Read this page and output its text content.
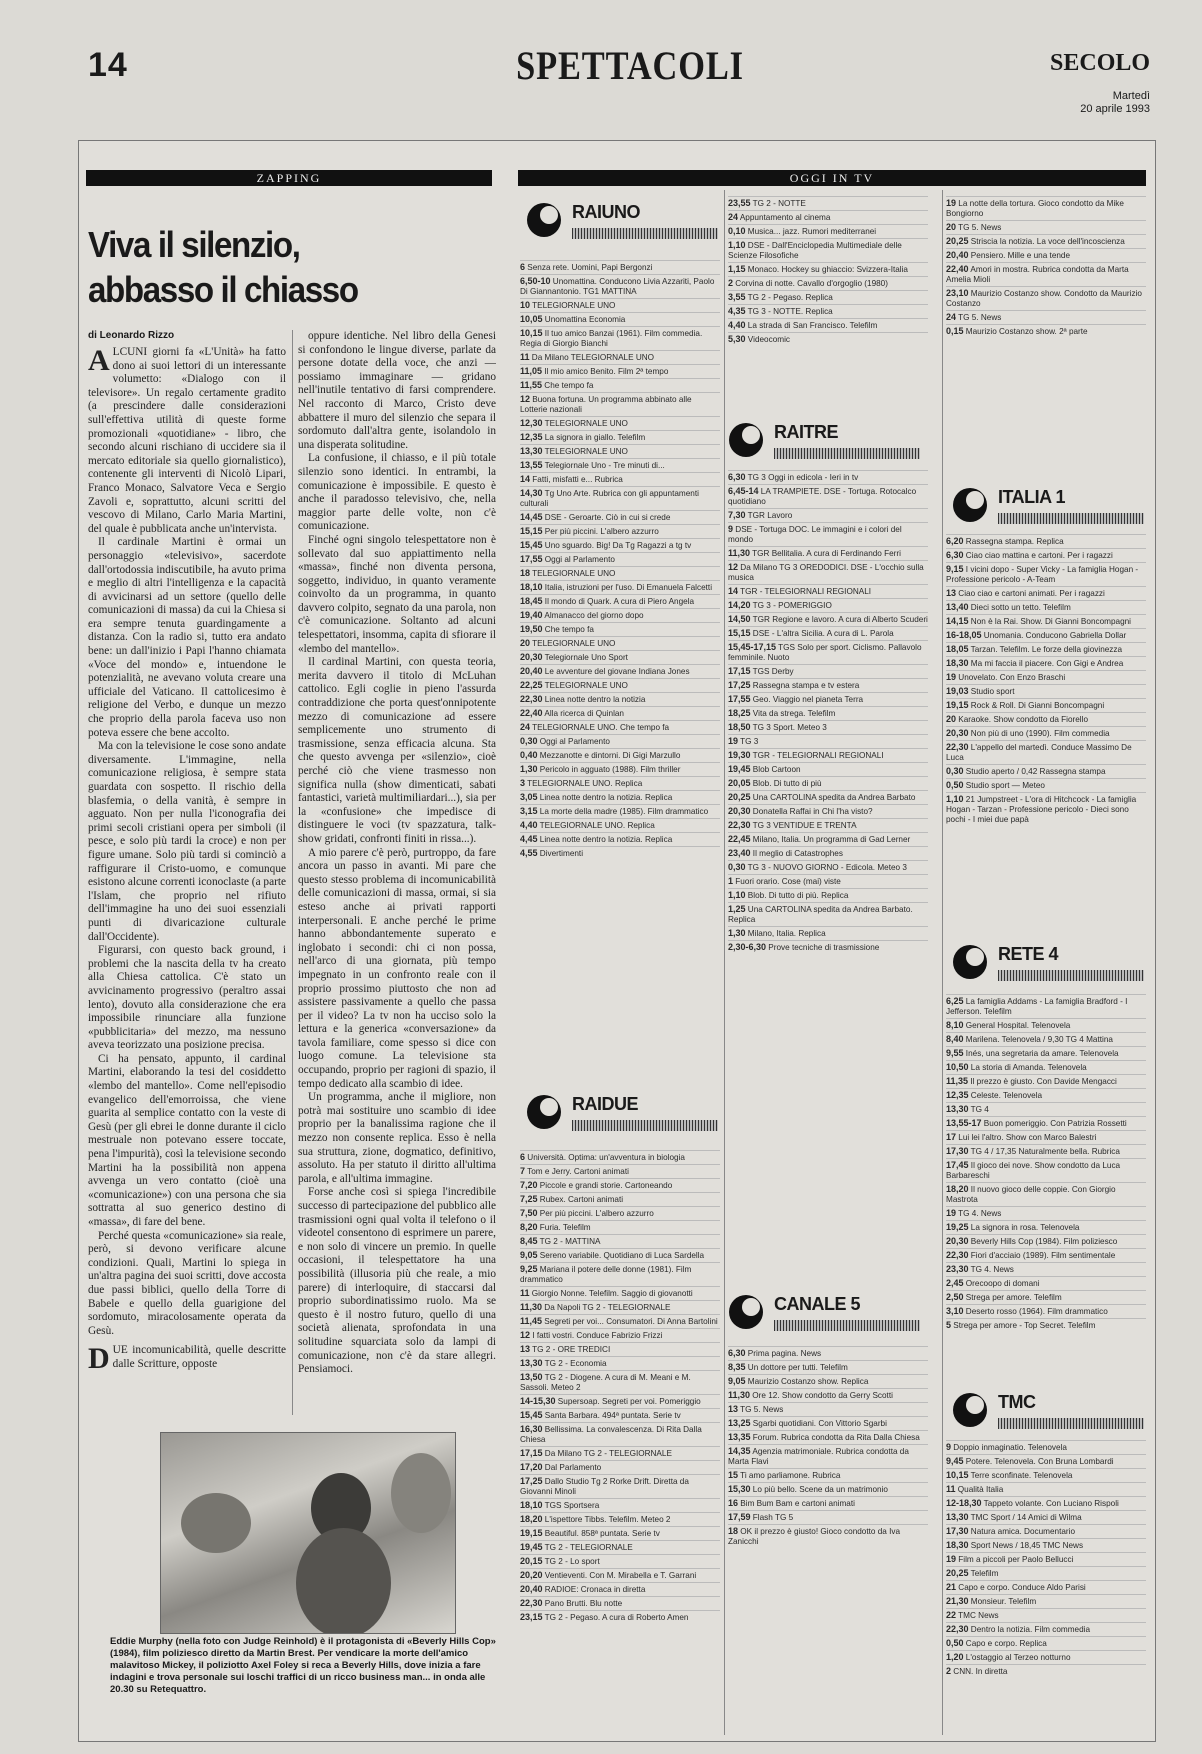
14	SPETTACOLI	SECOLO
Martedì
20 aprile 1993
ZAPPING
Viva il silenzio,
abbasso il chiasso
di Leonardo Rizzo
A LCUNI giorni fa «L'Unità» ha fatto dono ai suoi lettori di un interessante volumetto: «Dialogo con il televisore». Un regalo certamente gradito (a prescindere dalle considerazioni sull'effettiva utilità di queste forme promozionali «quotidiane» - libro, che secondo alcuni rischiano di uccidere sia il mercato editoriale sia quello giornalistico), contenente gli interventi di Nicolò Lipari, Franco Monaco, Salvatore Veca e Sergio Zavoli e, soprattutto, alcuni scritti del vescovo di Milano, Carlo Maria Martini, del quale è pubblicata anche un'intervista.

Il cardinale Martini è ormai un personaggio «televisivo», sacerdote dall'ortodossia indiscutibile, ha avuto prima e meglio di altri l'intelligenza e la capacità di avvicinarsi ad un settore (quello delle comunicazioni di massa) da cui la Chiesa si era sempre tenuta guardingamente a distanza. Con la radio si, tutto era andato bene: un dall'inizio i Papi l'hanno chiamata «Voce del mondo» e, intuendone le potenzialità, ne avevano voluta creare una ufficiale del Vaticano. Il cattolicesimo è religione del Verbo, e dunque un mezzo che proprio della parola faceva uso non poteva essere che bene accolto.

Ma con la televisione le cose sono andate diversamente. L'immagine, nella comunicazione religiosa, è sempre stata guardata con sospetto. Il rischio della blasfemia, o della vanità, è sempre in agguato. Non per nulla l'iconografia dei primi secoli cristiani opera per simboli (il pesce, e solo più tardi la croce) e non per figure umane. Solo più tardi si cominciò a raffigurare il Cristo-uomo, e comunque esistono alcune correnti iconoclaste (a parte l'Islam, che proprio nel rifiuto dell'immagine ha uno dei suoi essenziali punti di divaricazione culturale dall'Occidente).

Figurarsi, con questo back ground, i problemi che la nascita della tv ha creato alla Chiesa cattolica. C'è stato un avvicinamento progressivo (peraltro assai lento), dovuto alla considerazione che era impossibile rinunciare alla funzione «pubblicitaria» del mezzo, ma nessuno aveva teorizzato una posizione precisa.

Ci ha pensato, appunto, il cardinal Martini, elaborando la tesi del cosiddetto «lembo del mantello». Come nell'episodio evangelico dell'emorroissa, che viene guarita al semplice contatto con la veste di Gesù (per gli ebrei le donne durante il ciclo mestruale non potevano essere toccate, pena l'impurità), così la televisione secondo Martini ha la possibilità non appena avvenga un vero contatto (cioè una «comunicazione») con una persona che sia sottratta al suo generico destino di «massa», di fare del bene.

Perché questa «comunicazione» sia reale, però, si devono verificare alcune condizioni. Quali, Martini lo spiega in un'altra pagina dei suoi scritti, dove accosta due passi biblici, quello della Torre di Babele e quello della guarigione del sordomuto, miracolosamente operata da Gesù.

DUE incomunicabilità, quelle descritte dalle Scritture, opposte

oppure identiche. Nel libro della Genesi si confondono le lingue diverse, parlate da persone dotate della voce, che anzi — possiamo immaginare — gridano nell'inutile tentativo di farsi comprendere. Nel racconto di Marco, Cristo deve abbattere il muro del silenzio che separa il sordomuto dall'altra gente, isolandolo in una disperata solitudine.

La confusione, il chiasso, e il più totale silenzio sono identici. In entrambi, la comunicazione è impossibile. E questo è anche il paradosso televisivo, che, nella maggior parte delle volte, non c'è comunicazione.

Finché ogni singolo telespettatore non è sollevato dal suo appiattimento nella «massa», finché non diventa persona, soggetto, individuo, in quanto veramente coinvolto da un programma, in quanto davvero colpito, segnato da una parola, non c'è comunicazione. Soltanto ad alcuni telespettatori, insomma, capita di sfiorare il «lembo del mantello».

Il cardinal Martini, con questa teoria, merita davvero il titolo di McLuhan cattolico. Egli coglie in pieno l'assurda contraddizione che porta quest'onnipotente mezzo di comunicazione ad essere semplicemente uno strumento di trasmissione, senza efficacia alcuna. Sta che questo avvenga per «silenzio», cioè perché ciò che viene trasmesso non significa nulla (show dimenticati, sabati fantastici, varietà multimiliardari...), sia per la «confusione» che impedisce di distinguere le voci (tv spazzatura, talk-show gridati, confronti finiti in rissa...).

A mio parere c'è però, purtroppo, da fare ancora un passo in avanti. Mi pare che questo stesso problema di incomunicabilità delle comunicazioni di massa, ormai, si sia esteso anche ai privati rapporti interpersonali. E anche perché le prime hanno abbondantemente superato e inglobato i secondi: chi ci non possa, nell'arco di una giornata, più tempo impegnato in un confronto reale con il proprio prossimo piuttosto che non ad assistere passivamente a quello che passa per il video? La tv non ha ucciso solo la lettura e la generica «conversazione» da tavola familiare, come spesso si dice con luogo comune. La televisione sta occupando, proprio per ragioni di spazio, il tempo dedicato alla scambio di idee.

Un programma, anche il migliore, non potrà mai sostituire uno scambio di idee proprio per la banalissima ragione che il mezzo non consente replica. Esso è nella sua struttura, zione, dogmatico, definitivo, assoluto. Ha per statuto il diritto all'ultima parola, e all'ultima immagine.

Forse anche così si spiega l'incredibile successo di partecipazione del pubblico alle trasmissioni ogni qual volta il telefono o il videotel consentono di esprimere un parere, e non solo di vincere un premio. In quelle occasioni, il telespettatore ha una possibilità (illusoria più che reale, a mio parere) di interloquire, di staccarsi dal proprio subordinatissimo ruolo. Ma se questo è il nostro futuro, quello di una società alienata, sprofondata in una solitudine squarciata solo da lampi di comunicazione, non c'è da stare allegri. Pensiamoci.

Eddie Murphy (nella foto con Judge Reinhold) è il protagonista di «Beverly Hills Cop» (1984), film poliziesco diretto da Martin Brest. Per vendicare la morte dell'amico malavitoso Mickey, il poliziotto Axel Foley si reca a Beverly Hills, dove inizia a fare indagini e trova personale sui loschi traffici di un ricco business man... in onda alle 20.30 su Retequattro.
OGGI IN TV
RAIUNO
6 Senza rete. Uomini, Papi Bergonzi
6,50-10 Unomattina. Conducono Livia Azzariti, Paolo Di Giannantonio. TG1 MATTINA
10 TELEGIORNALE UNO
10,05 Unomattina Economia
10,15 Il tuo amico Banzai (1961). Film commedia. Regia di Giorgio Bianchi
11 Da Milano TELEGIORNALE UNO
11,05 Il mio amico Benito. Film 2ª tempo
11,55 Che tempo fa
12 Buona fortuna. Un programma abbinato alle Lotterie nazionali
12,30 TELEGIORNALE UNO
12,35 La signora in giallo. Telefilm
13,30 TELEGIORNALE UNO
13,55 Telegiornale Uno - Tre minuti di...
14 Fatti, misfatti e... Rubrica
14,30 Tg Uno Arte. Rubrica con gli appuntamenti culturali
14,45 DSE - Geroarte. Ciò in cui si crede
15,15 Per più piccini. L'albero azzurro
15,45 Uno sguardo. Big! Da Tg Ragazzi a tg tv
17,55 Oggi al Parlamento
18 TELEGIORNALE UNO
18,10 Italia, istruzioni per l'uso. Di Emanuela Falcetti
18,45 Il mondo di Quark. A cura di Piero Angela
19,40 Almanacco del giorno dopo
19,50 Che tempo fa
20 TELEGIORNALE UNO
20,30 Telegiornale Uno Sport
20,40 Le avventure del giovane Indiana Jones
22,25 TELEGIORNALE UNO
22,30 Linea notte dentro la notizia
22,40 Alla ricerca di Quinlan
24 TELEGIORNALE UNO. Che tempo fa
0,30 Oggi al Parlamento
0,40 Mezzanotte e dintorni. Di Gigi Marzullo
1,30 Pericolo in agguato (1988). Film thriller
3 TELEGIORNALE UNO. Replica
3,05 Linea notte dentro la notizia. Replica
3,15 La morte della madre (1985). Film drammatico
4,40 TELEGIORNALE UNO. Replica
4,45 Linea notte dentro la notizia. Replica
4,55 Divertimenti
RAIDUE
6 Università. Optima: un'avventura in biologia
7 Tom e Jerry. Cartoni animati
7,20 Piccole e grandi storie. Cartoneando
7,25 Rubex. Cartoni animati
7,50 Per più piccini. L'albero azzurro
8,20 Furia. Telefilm
8,45 TG 2 - MATTINA
9,05 Sereno variabile. Quotidiano di Luca Sardella
9,25 Mariana il potere delle donne (1981). Film drammatico
11 Giorgio Nonne. Telefilm. Saggio di giovanotti
11,30 Da Napoli TG 2 - TELEGIORNALE
11,45 Segreti per voi... Consumatori. Di Anna Bartolini
12 I fatti vostri. Conduce Fabrizio Frizzi
13 TG 2 - ORE TREDICI
13,30 TG 2 - Economia
13,50 TG 2 - Diogene. A cura di M. Meani e M. Sassoli. Meteo 2
14-15,30 Supersoap. Segreti per voi. Pomeriggio
15,45 Santa Barbara. 494ª puntata. Serie tv
16,30 Bellissima. La convalescenza. Di Rita Dalla Chiesa
17,15 Da Milano TG 2 - TELEGIORNALE
17,20 Dal Parlamento
17,25 Dallo Studio Tg 2 Rorke Drift. Diretta da Giovanni Minoli
18,10 TGS Sportsera
18,20 L'ispettore Tibbs. Telefilm. Meteo 2
19,15 Beautiful. 858ª puntata. Serie tv
19,45 TG 2 - TELEGIORNALE
20,15 TG 2 - Lo sport
20,20 Ventieventi. Con M. Mirabella e T. Garrani
20,40 RADIOE: Cronaca in diretta
22,30 Pano Brutti. Blu notte
23,15 TG 2 - Pegaso. A cura di Roberto Amen
RAITRE
6,30 TG 3 Oggi in edicola - Ieri in tv
6,45-14 LA TRAMPIETE. DSE - Tortuga. Rotocalco quotidiano
7,30 TGR Lavoro
9 DSE - Tortuga DOC. Le immagini e i colori del mondo
11,30 TGR Bellitalia. A cura di Ferdinando Ferri
12 Da Milano TG 3 OREDODICI. DSE - L'occhio sulla musica
14 TGR - TELEGIORNALI REGIONALI
14,20 TG 3 - POMERIGGIO
14,50 TGR Regione e lavoro. A cura di Alberto Scuderi
15,15 DSE - L'altra Sicilia. A cura di L. Parola
15,45-17,15 TGS Solo per sport. Ciclismo. Pallavolo femminile. Nuoto
17,15 TGS Derby
17,25 Rassegna stampa e tv estera
17,55 Geo. Viaggio nel pianeta Terra
18,25 Vita da strega. Telefilm
18,50 TG 3 Sport. Meteo 3
19 TG 3
19,30 TGR - TELEGIORNALI REGIONALI
19,45 Blob Cartoon
20,05 Blob. Di tutto di più
20,25 Una CARTOLINA spedita da Andrea Barbato
20,30 Donatella Raffai in Chi l'ha visto?
22,30 TG 3 VENTIDUE E TRENTA
22,45 Milano, Italia. Un programma di Gad Lerner
23,40 Il meglio di Catastrophes
0,30 TG 3 - NUOVO GIORNO - Edicola. Meteo 3
1 Fuori orario. Cose (mai) viste
1,10 Blob. Di tutto di più. Replica
1,25 Una CARTOLINA spedita da Andrea Barbato. Replica
1,30 Milano, Italia. Replica
2,30-6,30 Prove tecniche di trasmissione
CANALE 5
6,30 Prima pagina. News
8,35 Un dottore per tutti. Telefilm
9,05 Maurizio Costanzo show. Replica
11,30 Ore 12. Show condotto da Gerry Scotti
13 TG 5. News
13,25 Sgarbi quotidiani. Con Vittorio Sgarbi
13,35 Forum. Rubrica condotta da Rita Dalla Chiesa
14,35 Agenzia matrimoniale. Rubrica condotta da Marta Flavi
15 Ti amo parliamone. Rubrica
15,30 Lo più bello. Scene da un matrimonio
16 Bim Bum Bam e cartoni animati
17,59 Flash TG 5
18 OK il prezzo è giusto! Gioco condotto da Iva Zanicchi
ITALIA 1
6,20 Rassegna stampa. Replica
6,30 Ciao ciao mattina e cartoni. Per i ragazzi
9,15 I vicini dopo - Super Vicky - La famiglia Hogan - Professione pericolo - A-Team
13 Ciao ciao e cartoni animati. Per i ragazzi
13,40 Dieci sotto un tetto. Telefilm
14,15 Non è la Rai. Show. Di Gianni Boncompagni
16-18,05 Unomania. Conducono Gabriella Dollar
18,05 Tarzan. Telefilm. Le forze della giovinezza
18,30 Ma mi faccia il piacere. Con Gigi e Andrea
19 Unovelato. Con Enzo Braschi
19,03 Studio sport
19,15 Rock & Roll. Di Gianni Boncompagni
20 Karaoke. Show condotto da Fiorello
20,30 Non più di uno (1990). Film commedia
22,30 L'appello del martedì. Conduce Massimo De Luca
0,30 Studio aperto / 0,42 Rassegna stampa
0,50 Studio sport — Meteo
1,10 21 Jumpstreet - L'ora di Hitchcock - La famiglia Hogan - Tarzan - Professione pericolo - Dieci sono pochi - I miei due papà
RETE 4
6,25 La famiglia Addams - La famiglia Bradford - I Jefferson. Telefilm
8,10 General Hospital. Telenovela
8,40 Marilena. Telenovela / 9,30 TG 4 Mattina
9,55 Inés, una segretaria da amare. Telenovela
10,50 La storia di Amanda. Telenovela
11,35 Il prezzo è giusto. Con Davide Mengacci
12,35 Celeste. Telenovela
13,30 TG 4
13,55-17 Buon pomeriggio. Con Patrizia Rossetti
17 Lui lei l'altro. Show con Marco Balestri
17,30 TG 4 / 17,35 Naturalmente bella. Rubrica
17,45 Il gioco dei nove. Show condotto da Luca Barbareschi
18,20 Il nuovo gioco delle coppie. Con Giorgio Mastrota
19 TG 4. News
19,25 La signora in rosa. Telenovela
20,30 Beverly Hills Cop (1984). Film poliziesco
22,30 Fiori d'acciaio (1989). Film sentimentale
23,30 TG 4. News
2,45 Orecoopo di domani
2,50 Strega per amore. Telefilm
3,10 Deserto rosso (1964). Film drammatico
5 Strega per amore - Top Secret. Telefilm
TMC
9 Doppio inmaginatio. Telenovela
9,45 Potere. Telenovela. Con Bruna Lombardi
10,15 Terre sconfinate. Telenovela
11 Qualità Italia
12-18,30 Tappeto volante. Con Luciano Rispoli
13,30 TMC Sport / 14 Amici di Wilma
17,30 Natura amica. Documentario
18,30 Sport News / 18,45 TMC News
19 Film a piccoli per Paolo Bellucci
20,25 Telefilm
21 Capo e corpo. Conduce Aldo Parisi
21,30 Monsieur. Telefilm
22 TMC News
22,30 Dentro la notizia. Film commedia
0,50 Capo e corpo. Replica
1,20 L'ostaggio al Terzeo notturno
2 CNN. In diretta
23,55 TG 2 - NOTTE
24 Appuntamento al cinema
0,10 Musica... jazz. Rumori mediterranei
1,10 DSE - Dall'Enciclopedia Multimediale delle Scienze Filosofiche
1,15 Monaco. Hockey su ghiaccio: Svizzera-Italia
2 Corvina di notte. Cavallo d'orgoglio (1980)
3,55 TG 2 - Pegaso. Replica
4,35 TG 3 - NOTTE. Replica
4,40 La strada di San Francisco. Telefilm
5,30 Videocomic
19 La notte della tortura. Gioco condotto da Mike Bongiorno
20 TG 5. News
20,25 Striscia la notizia. La voce dell'incoscienza
20,40 Pensiero. Mille e una tende
22,40 Amori in mostra. Rubrica condotta da Marta Amelia Mioli
23,10 Maurizio Costanzo show. Condotto da Maurizio Costanzo
24 TG 5. News
0,15 Maurizio Costanzo show. 2ª parte
